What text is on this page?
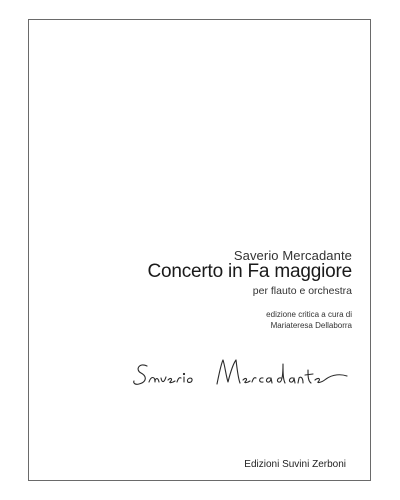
Saverio Mercadante
Concerto in Fa maggiore
per flauto e orchestra
edizione critica a cura di
Mariateresa Dellaborra
Edizioni Suvini Zerboni
